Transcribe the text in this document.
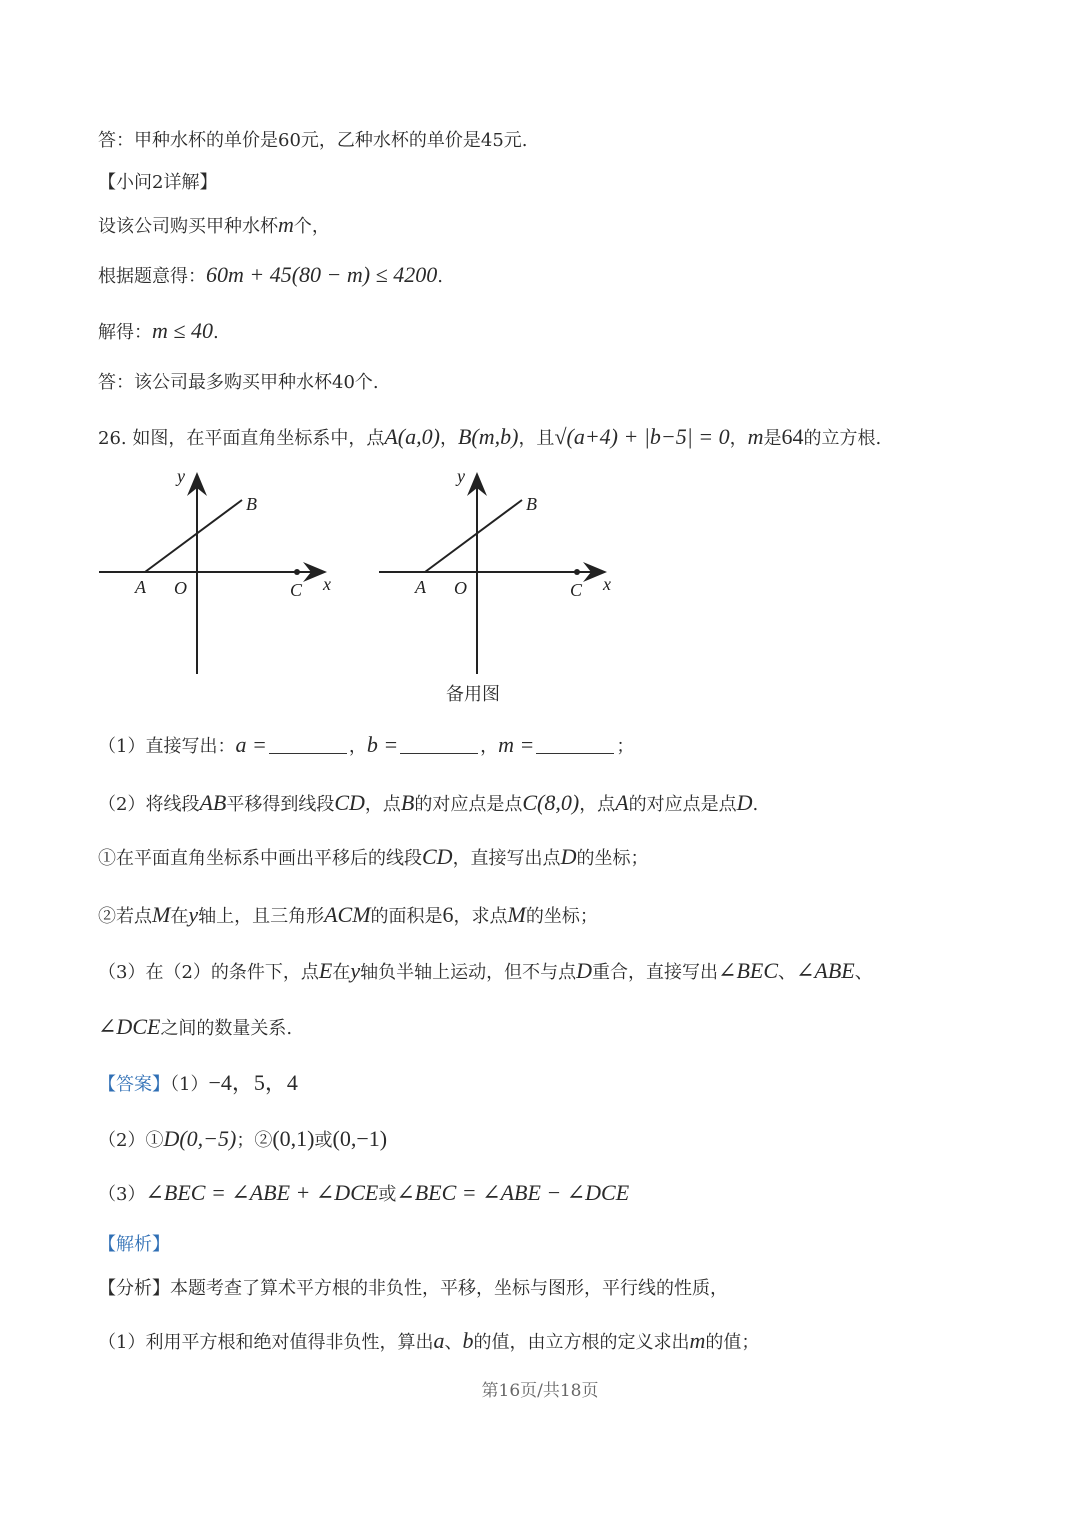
答：甲种水杯的单价是60元，乙种水杯的单价是45元.
【小问2详解】
设该公司购买甲种水杯m个，
根据题意得：60m + 45(80 − m) ≤ 4200.
解得：m ≤ 40.
答：该公司最多购买甲种水杯40个.
26. 如图，在平面直角坐标系中，点A(a,0)，B(m,b)，且√(a+4) + |b−5| = 0，m是64的立方根.
y
x
A O
B
C
y
x
A O
B
C
备用图
（1）直接写出：a =	，b =	，m =	；
（2）将线段AB平移得到线段CD，点B的对应点是点C(8,0)，点A的对应点是点D.
①在平面直角坐标系中画出平移后的线段CD，直接写出点D的坐标；
②若点M在y轴上，且三角形ACM的面积是6，求点M的坐标；
（3）在（2）的条件下，点E在y轴负半轴上运动，但不与点D重合，直接写出∠BEC、∠ABE、
∠DCE之间的数量关系.
【答案】（1）−4，5，4
（2）①D(0,−5)；②(0,1)或(0,−1)
（3）∠BEC = ∠ABE + ∠DCE或∠BEC = ∠ABE − ∠DCE
【解析】
【分析】本题考查了算术平方根的非负性，平移，坐标与图形，平行线的性质，
（1）利用平方根和绝对值得非负性，算出a、b的值，由立方根的定义求出m的值；
第16页/共18页
